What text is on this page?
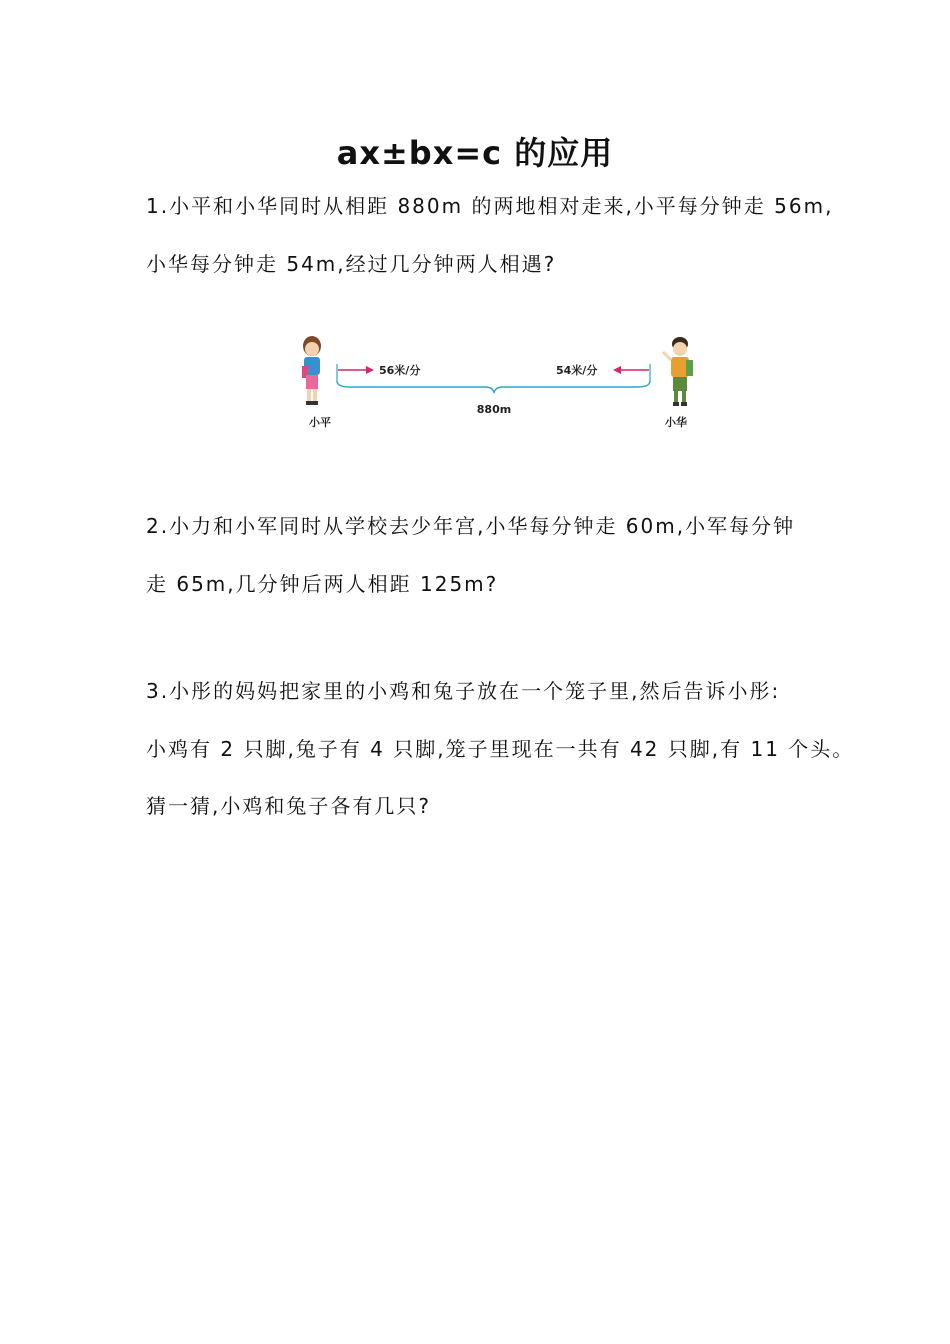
ax±bx=c 的应用
1.小平和小华同时从相距 880m 的两地相对走来,小平每分钟走 56m,
小华每分钟走 54m,经过几分钟两人相遇?
56米/分	54米/分
880m
小平	小华
2.小力和小军同时从学校去少年宫,小华每分钟走 60m,小军每分钟
走 65m,几分钟后两人相距 125m?
3.小彤的妈妈把家里的小鸡和兔子放在一个笼子里,然后告诉小彤:
小鸡有 2 只脚,兔子有 4 只脚,笼子里现在一共有 42 只脚,有 11 个头。
猜一猜,小鸡和兔子各有几只?
